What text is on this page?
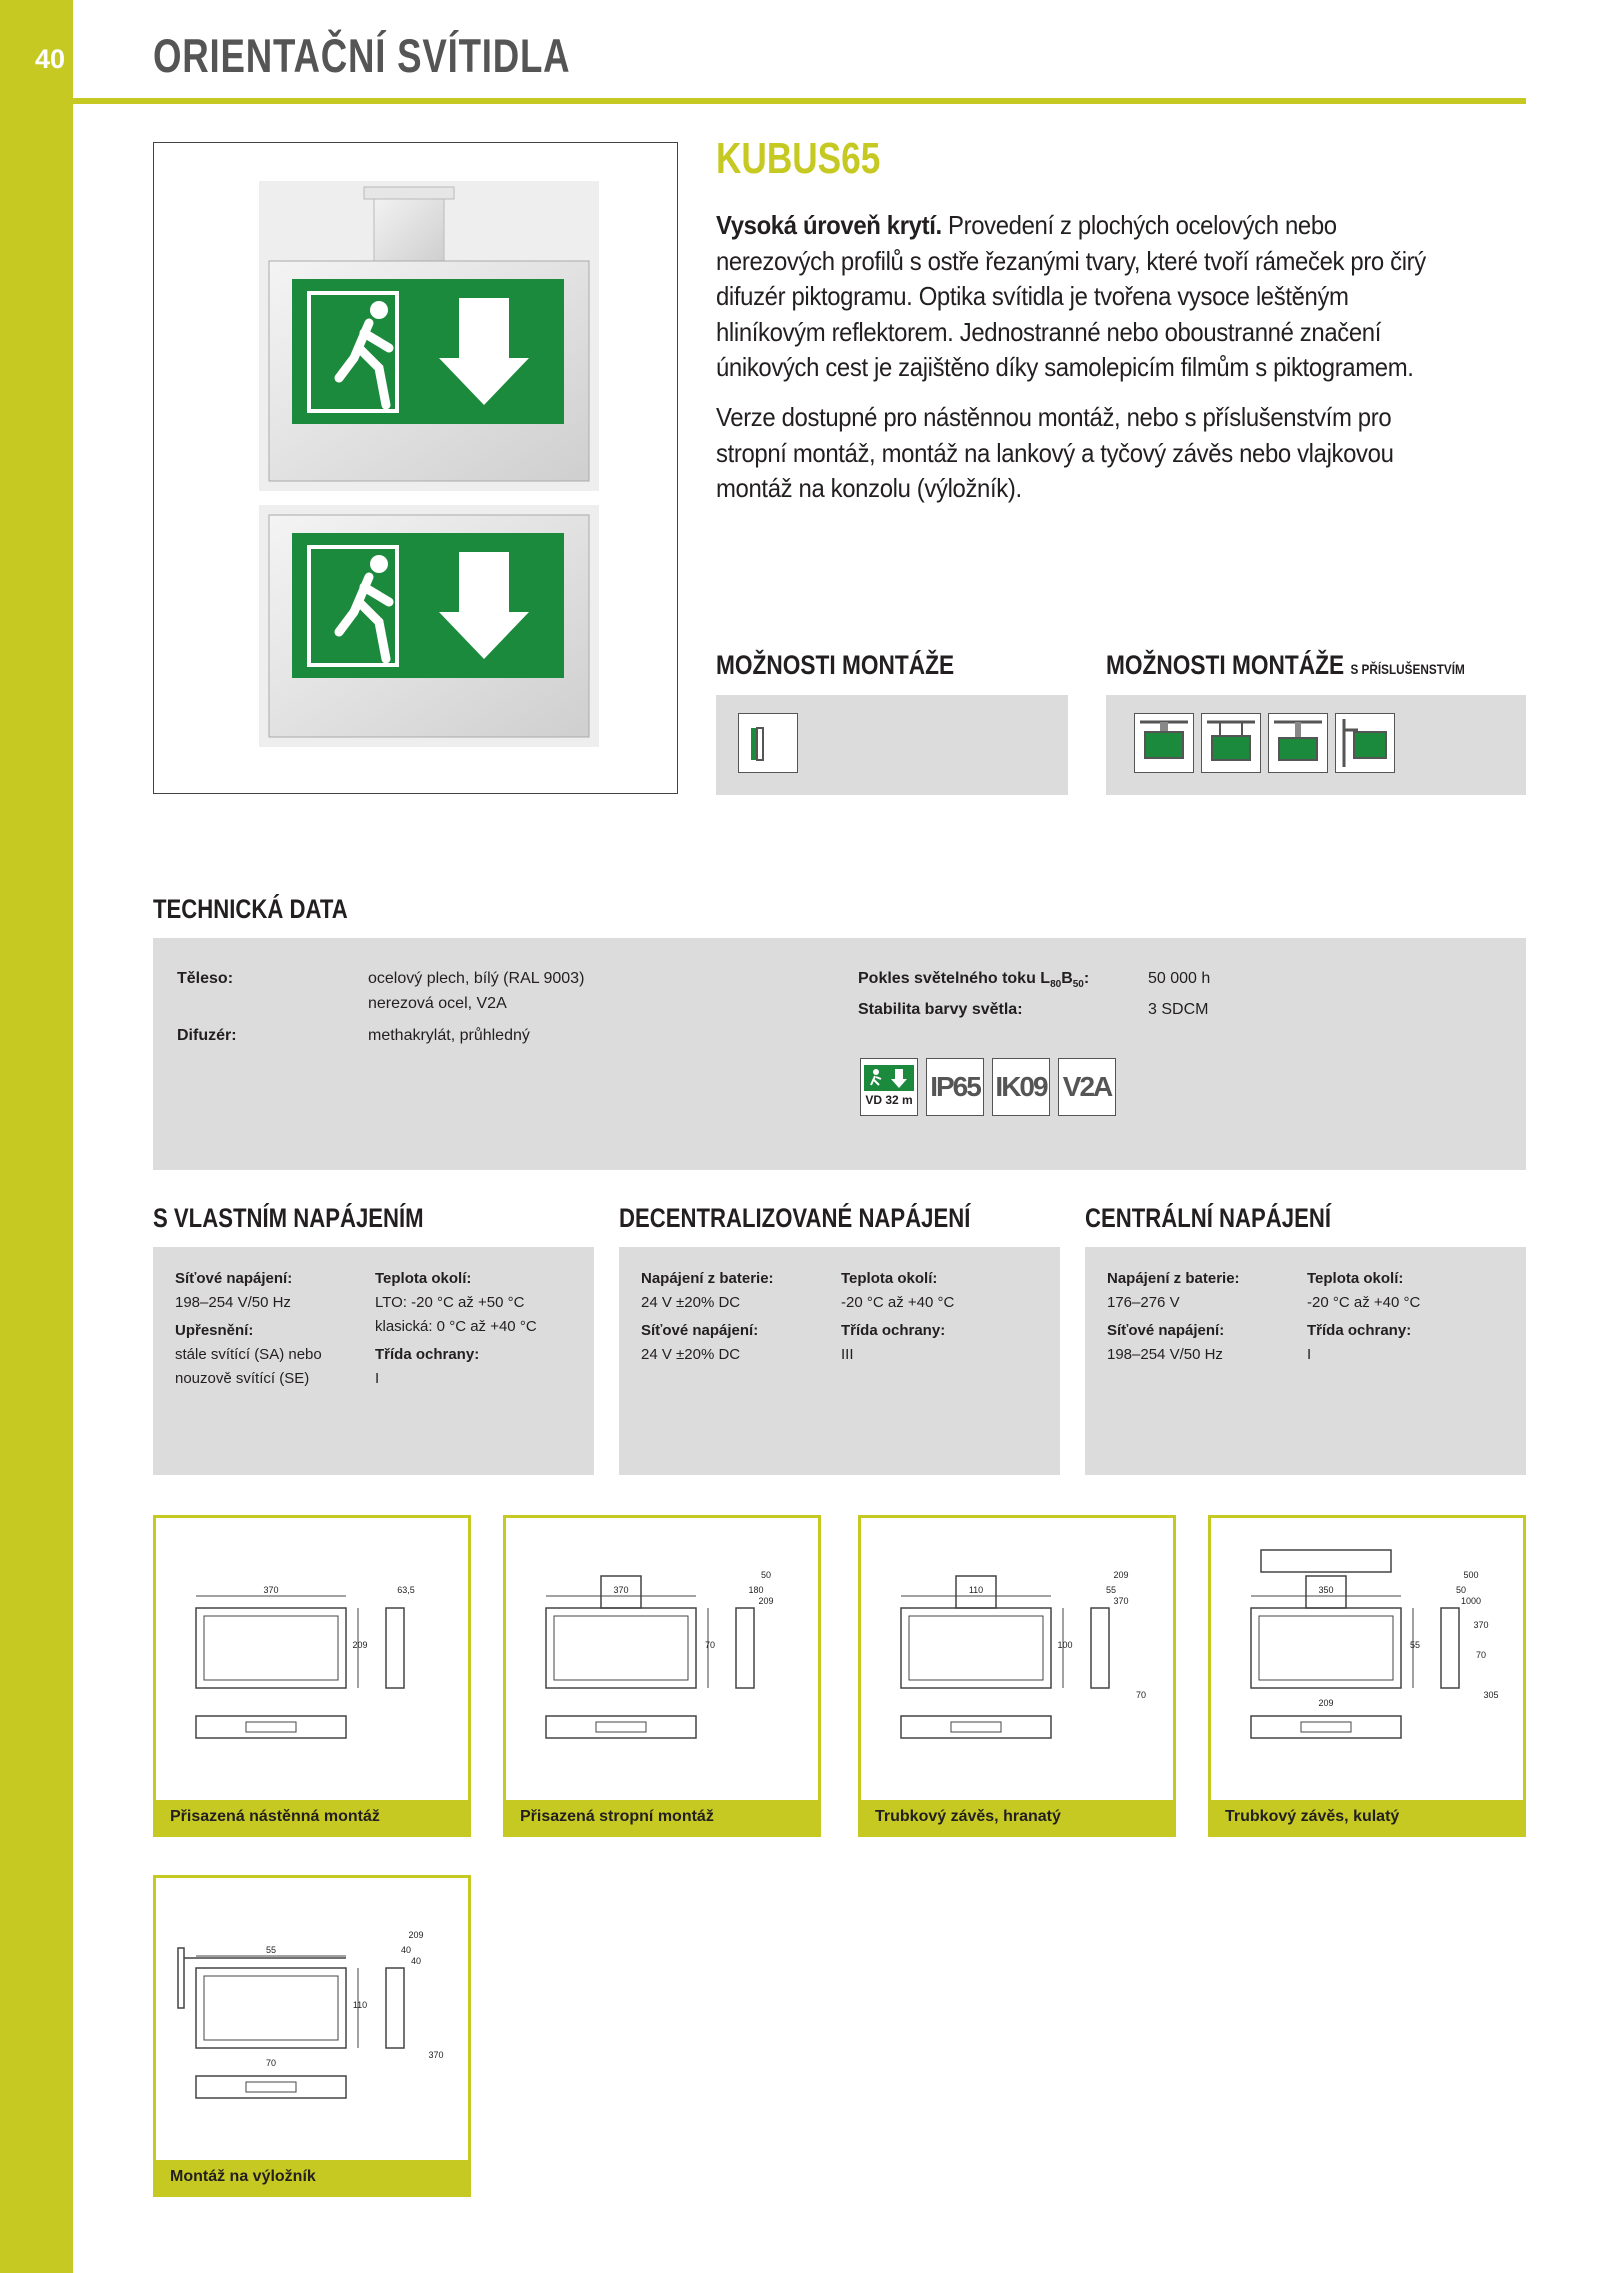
40 ORIENTAČNÍ SVÍTIDLA
KUBUS65

Vysoká úroveň krytí. Provedení z plochých ocelových nebo nerezových profilů s ostře řezanými tvary, které tvoří rámeček pro čirý difuzér piktogramu. Optika svítidla je tvořena vysoce leštěným hliníkovým reflektorem. Jednostranné nebo oboustranné značení únikových cest je zajištěno díky samolepicím filmům s piktogramem.

Verze dostupné pro nástěnnou montáž, nebo s příslušenstvím pro stropní montáž, montáž na lankový a tyčový závěs nebo vlajkovou montáž na konzolu (výložník).

MOŽNOSTI MONTÁŽE	MOŽNOSTI MONTÁŽE S PŘÍSLUŠENSTVÍM
TECHNICKÁ DATA
Těleso:	ocelový plech, bílý (RAL 9003)
nerezová ocel, V2A
Difuzér:	methakrylát, průhledný
Pokles světelného toku $L_{80}B_{50}$:	50 000 h
Stabilita barvy světla:	3 SDCM
VD 32 m IP65 IK09 V2A
S VLASTNÍM NAPÁJENÍM
Síťové napájení:
198–254 V/50 Hz
Upřesnění:
stále svítící (SA) nebo
nouzově svítící (SE)
Teplota okolí:
LTO: -20 °C až +50 °C
klasická: 0 °C až +40 °C
Třída ochrany:
I
DECENTRALIZOVANÉ NAPÁJENÍ
Napájení z baterie:
24 V ±20% DC
Síťové napájení:
24 V ±20% DC
Teplota okolí:
-20 °C až +40 °C
Třída ochrany:
III
CENTRÁLNÍ NAPÁJENÍ
Napájení z baterie:
176–276 V
Síťové napájení:
198–254 V/50 Hz
Teplota okolí:
-20 °C až +40 °C
Třída ochrany:
I
370	63,5
209
Přisazená nástěnná montáž
370	180
70
50
209
Přisazená stropní montáž
110	55
100
209
370
70
Trubkový závěs, hranatý
350	50
55
500
1000
305
209
370
70
Trubkový závěs, kulatý
55	40
110
209
40
370
70
Montáž na výložník
